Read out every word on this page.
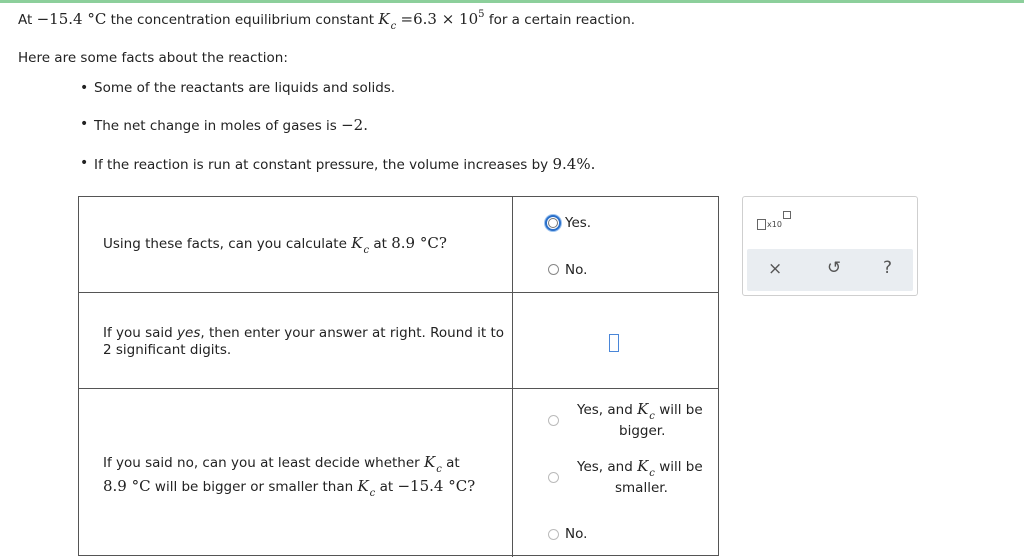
At −15.4 °C the concentration equilibrium constant $K_c =6.3 \times 10^5$ for a certain reaction.
Here are some facts about the reaction:
• Some of the reactants are liquids and solids.
• The net change in moles of gases is −2.
• If the reaction is run at constant pressure, the volume increases by 9.4%.
Using these facts, can you calculate $K_c$ at 8.9 °C?
Yes.
No.
If you said yes, then enter your answer at right. Round it to
2 significant digits.
If you said no, can you at least decide whether $K_c$ at
8.9 °C will be bigger or smaller than $K_c$ at −15.4 °C?
Yes, and $K_c$ will be
bigger.
Yes, and $K_c$ will be
smaller.
No.
x10
×	↺ ?
